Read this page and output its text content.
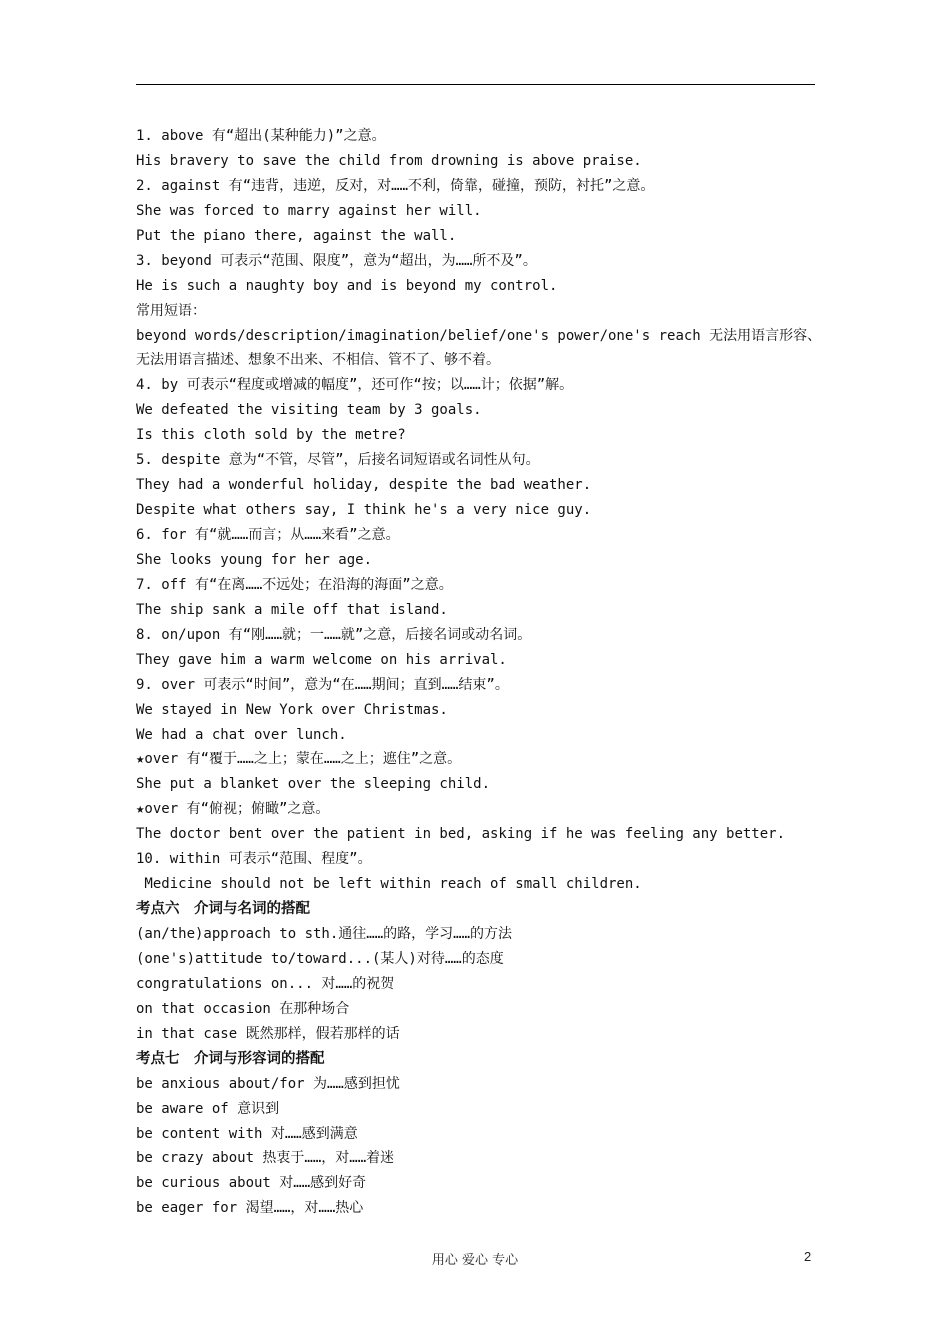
1. above 有“超出(某种能力)”之意。
His bravery to save the child from drowning is above praise.
2. against 有“违背，违逆，反对，对……不利，倚靠，碰撞，预防，衬托”之意。
She was forced to marry against her will.
Put the piano there, against the wall.
3. beyond 可表示“范围、限度”，意为“超出，为……所不及”。
He is such a naughty boy and is beyond my control.
常用短语：
beyond words/description/imagination/belief/one's power/one's reach 无法用语言形容、无法用语言描述、想象不出来、不相信、管不了、够不着。
4. by 可表示“程度或增减的幅度”，还可作“按；以……计；依据”解。
We defeated the visiting team by 3 goals.
Is this cloth sold by the metre?
5. despite 意为“不管，尽管”，后接名词短语或名词性从句。
They had a wonderful holiday, despite the bad weather.
Despite what others say, I think he's a very nice guy.
6. for 有“就……而言；从……来看”之意。
She looks young for her age.
7. off 有“在离……不远处；在沿海的海面”之意。
The ship sank a mile off that island.
8. on/upon 有“刚……就；一……就”之意，后接名词或动名词。
They gave him a warm welcome on his arrival.
9. over 可表示“时间”，意为“在……期间；直到……结束”。
We stayed in New York over Christmas.
We had a chat over lunch.
★over 有“覆于……之上；蒙在……之上；遮住”之意。
She put a blanket over the sleeping child.
★over 有“俯视；俯瞰”之意。
The doctor bent over the patient in bed, asking if he was feeling any better.
10. within 可表示“范围、程度”。
Medicine should not be left within reach of small children.
考点六　介词与名词的搭配
(an/the)approach to sth.通往……的路，学习……的方法
(one's)attitude to/toward...(某人)对待……的态度
congratulations on... 对……的祝贺
on that occasion 在那种场合
in that case 既然那样，假若那样的话
考点七　介词与形容词的搭配
be anxious about/for 为……感到担忧
be aware of 意识到
be content with 对……感到满意
be crazy about 热衷于……，对……着迷
be curious about 对……感到好奇
be eager for 渴望……，对……热心
用心 爱心 专心	2
